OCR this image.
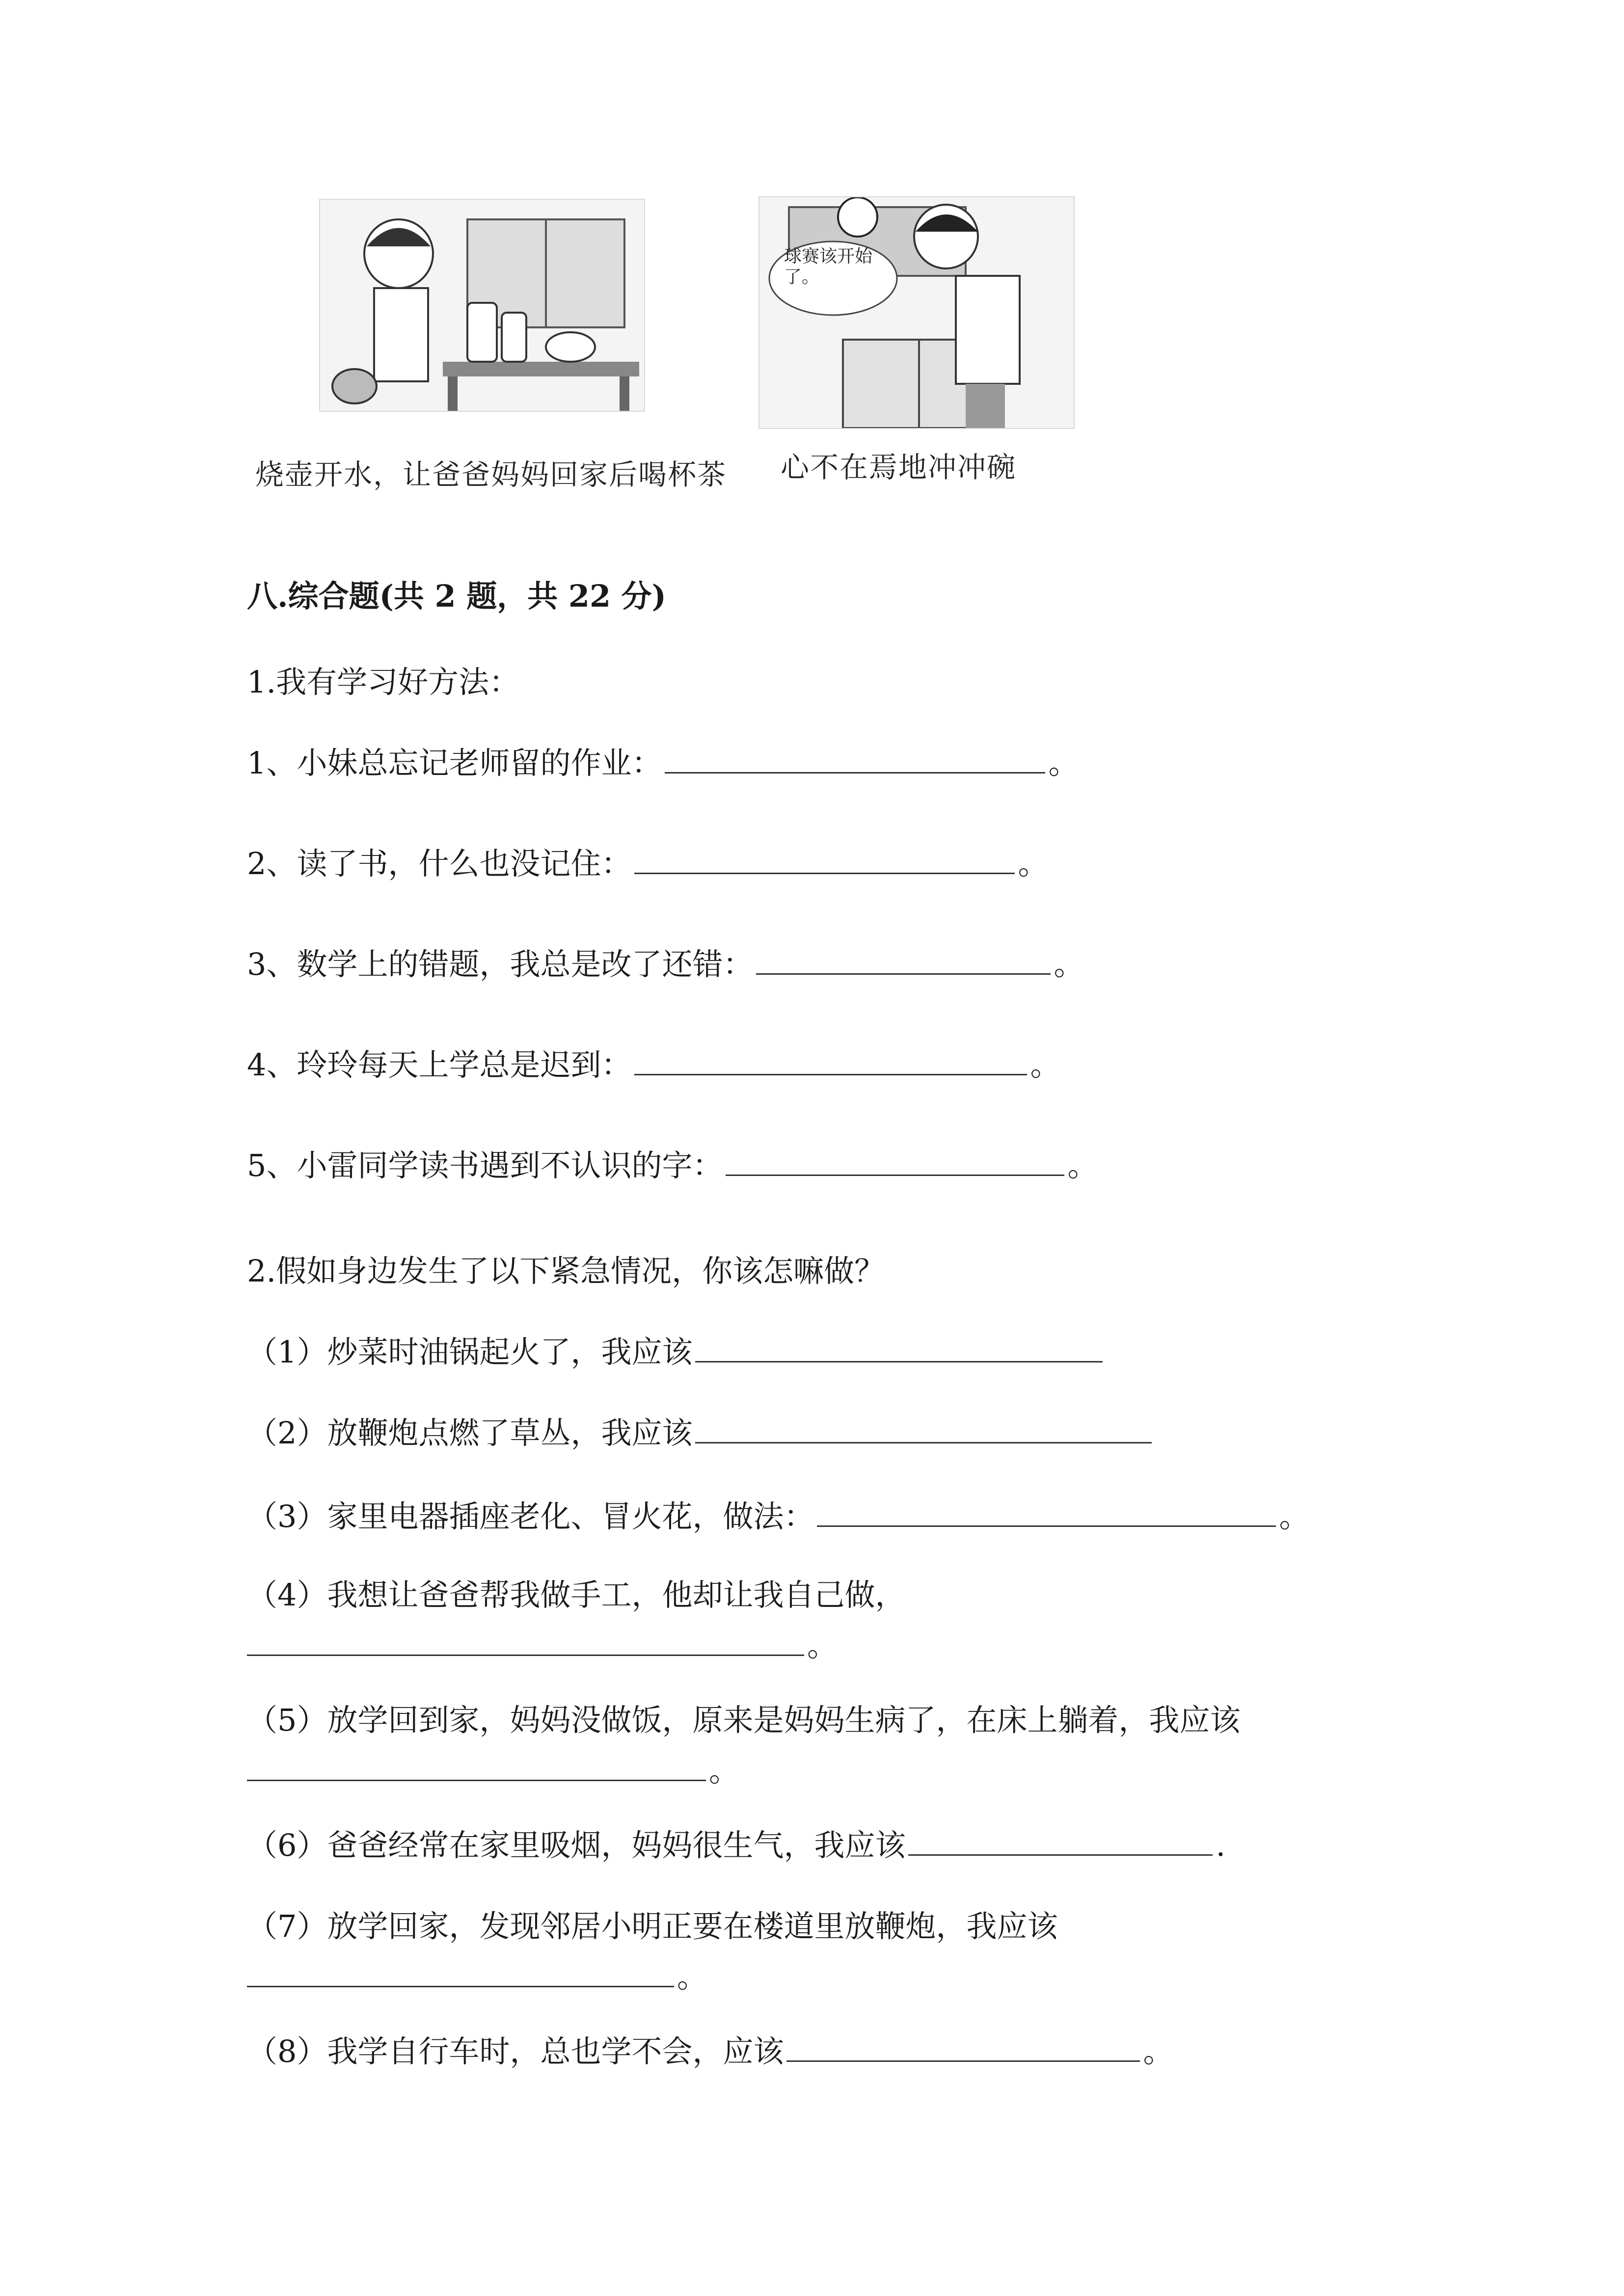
烧壶开水，让爸爸妈妈回家后喝杯茶
球赛该开始了。
心不在焉地冲冲碗
八.综合题(共 2 题，共 22 分)
1.我有学习好方法：
1、小妹总忘记老师留的作业：	。
2、读了书，什么也没记住：	。
3、数学上的错题，我总是改了还错：	。
4、玲玲每天上学总是迟到：	。
5、小雷同学读书遇到不认识的字：	。
2.假如身边发生了以下紧急情况，你该怎嘛做？
（1）炒菜时油锅起火了，我应该
（2）放鞭炮点燃了草丛，我应该
（3）家里电器插座老化、冒火花，做法：	。
（4）我想让爸爸帮我做手工，他却让我自己做，
。
（5）放学回到家，妈妈没做饭，原来是妈妈生病了，在床上躺着，我应该
。
（6）爸爸经常在家里吸烟，妈妈很生气，我应该	.
（7）放学回家，发现邻居小明正要在楼道里放鞭炮，我应该
。
（8）我学自行车时，总也学不会，应该	。
